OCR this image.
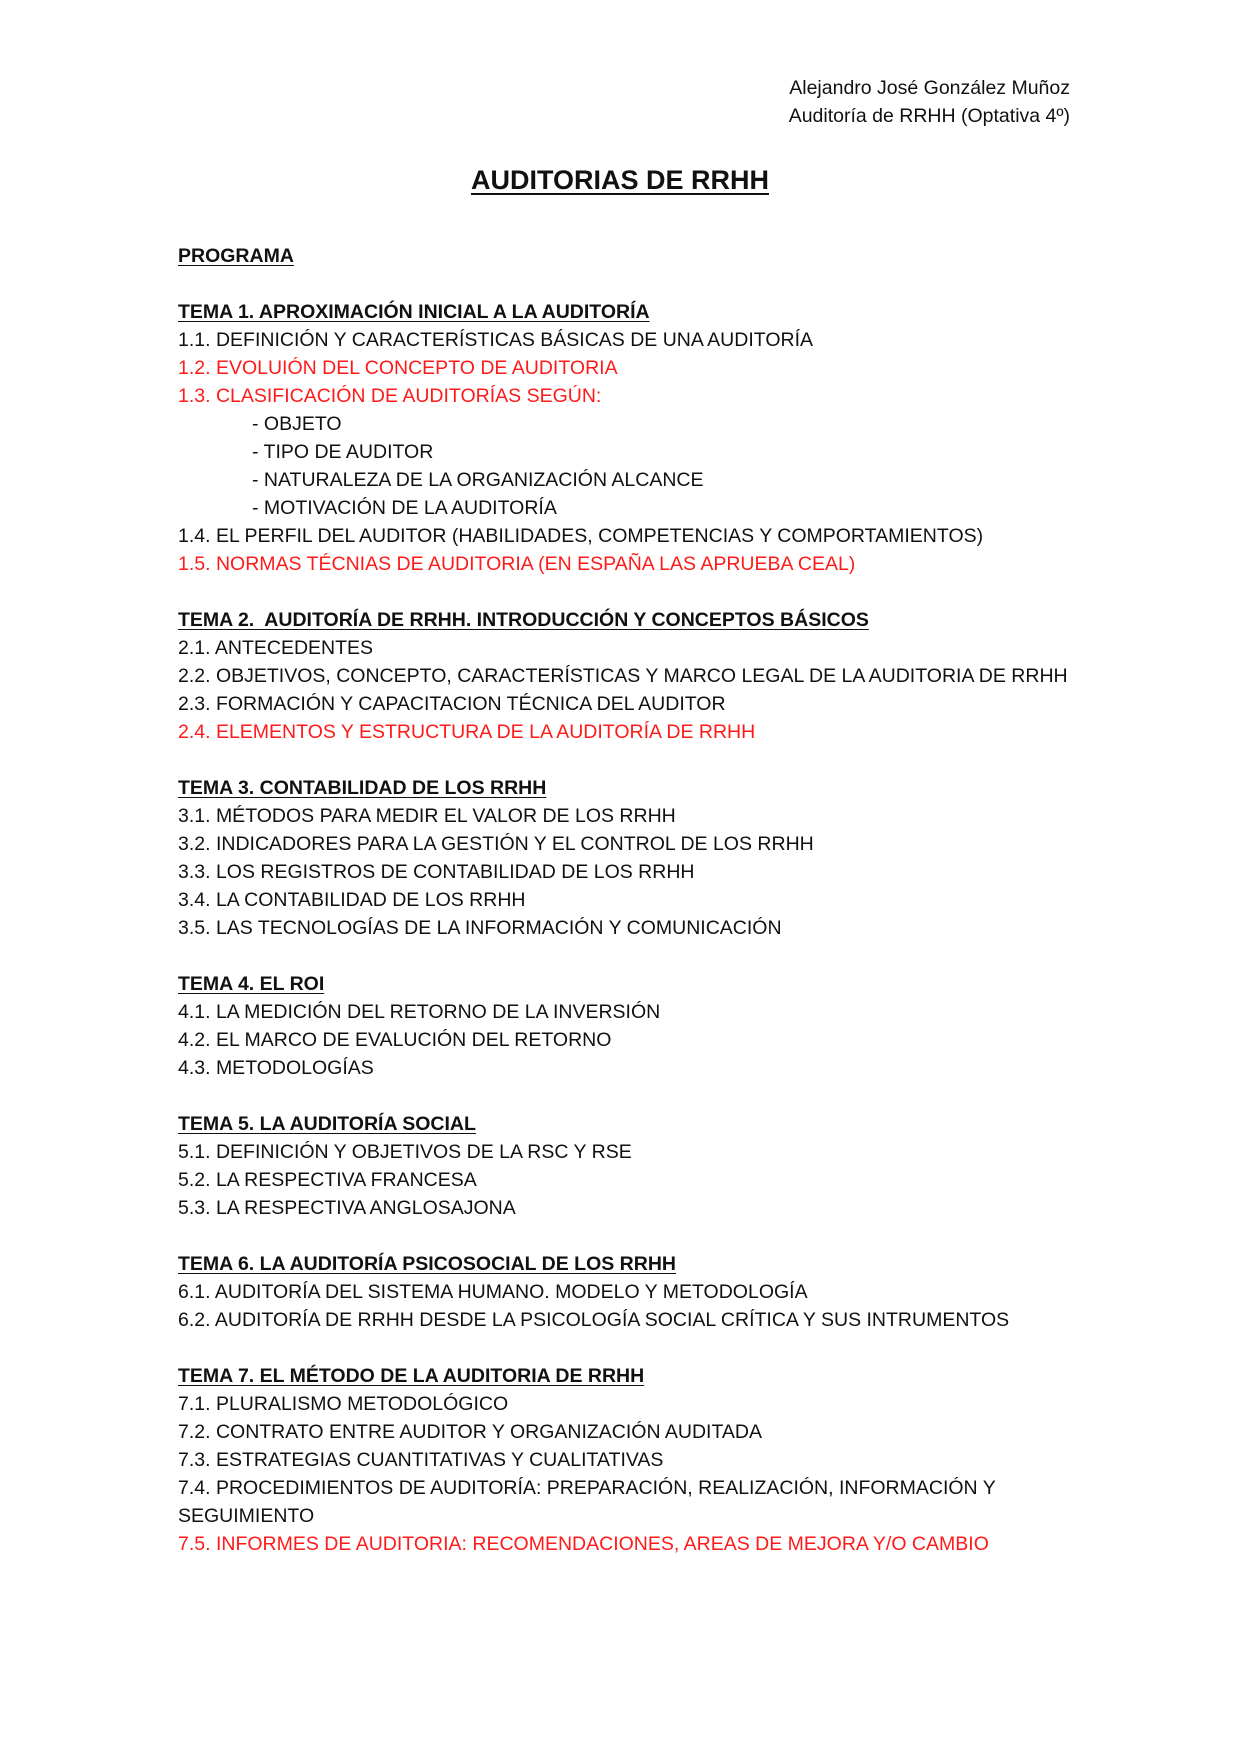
Alejandro José González Muñoz
Auditoría de RRHH (Optativa 4º)
AUDITORIAS DE RRHH
PROGRAMA
TEMA 1. APROXIMACIÓN INICIAL A LA AUDITORÍA
1.1. DEFINICIÓN Y CARACTERÍSTICAS BÁSICAS DE UNA AUDITORÍA
1.2. EVOLUIÓN DEL CONCEPTO DE AUDITORIA
1.3. CLASIFICACIÓN DE AUDITORÍAS SEGÚN:
- OBJETO
- TIPO DE AUDITOR
- NATURALEZA DE LA ORGANIZACIÓN ALCANCE
- MOTIVACIÓN DE LA AUDITORÍA
1.4. EL PERFIL DEL AUDITOR (HABILIDADES, COMPETENCIAS Y COMPORTAMIENTOS)
1.5. NORMAS TÉCNIAS DE AUDITORIA (EN ESPAÑA LAS APRUEBA CEAL)
TEMA 2.  AUDITORÍA DE RRHH. INTRODUCCIÓN Y CONCEPTOS BÁSICOS
2.1. ANTECEDENTES
2.2. OBJETIVOS, CONCEPTO, CARACTERÍSTICAS Y MARCO LEGAL DE LA AUDITORIA DE RRHH
2.3. FORMACIÓN Y CAPACITACION TÉCNICA DEL AUDITOR
2.4. ELEMENTOS Y ESTRUCTURA DE LA AUDITORÍA DE RRHH
TEMA 3. CONTABILIDAD DE LOS RRHH
3.1. MÉTODOS PARA MEDIR EL VALOR DE LOS RRHH
3.2. INDICADORES PARA LA GESTIÓN Y EL CONTROL DE LOS RRHH
3.3. LOS REGISTROS DE CONTABILIDAD DE LOS RRHH
3.4. LA CONTABILIDAD DE LOS RRHH
3.5. LAS TECNOLOGÍAS DE LA INFORMACIÓN Y COMUNICACIÓN
TEMA 4. EL ROI
4.1. LA MEDICIÓN DEL RETORNO DE LA INVERSIÓN
4.2. EL MARCO DE EVALUCIÓN DEL RETORNO
4.3. METODOLOGÍAS
TEMA 5. LA AUDITORÍA SOCIAL
5.1. DEFINICIÓN Y OBJETIVOS DE LA RSC Y RSE
5.2. LA RESPECTIVA FRANCESA
5.3. LA RESPECTIVA ANGLOSAJONA
TEMA 6. LA AUDITORÍA PSICOSOCIAL DE LOS RRHH
6.1. AUDITORÍA DEL SISTEMA HUMANO. MODELO Y METODOLOGÍA
6.2. AUDITORÍA DE RRHH DESDE LA PSICOLOGÍA SOCIAL CRÍTICA Y SUS INTRUMENTOS
TEMA 7. EL MÉTODO DE LA AUDITORIA DE RRHH
7.1. PLURALISMO METODOLÓGICO
7.2. CONTRATO ENTRE AUDITOR Y ORGANIZACIÓN AUDITADA
7.3. ESTRATEGIAS CUANTITATIVAS Y CUALITATIVAS
7.4. PROCEDIMIENTOS DE AUDITORÍA: PREPARACIÓN, REALIZACIÓN, INFORMACIÓN Y SEGUIMIENTO
7.5. INFORMES DE AUDITORIA: RECOMENDACIONES, AREAS DE MEJORA Y/O CAMBIO
